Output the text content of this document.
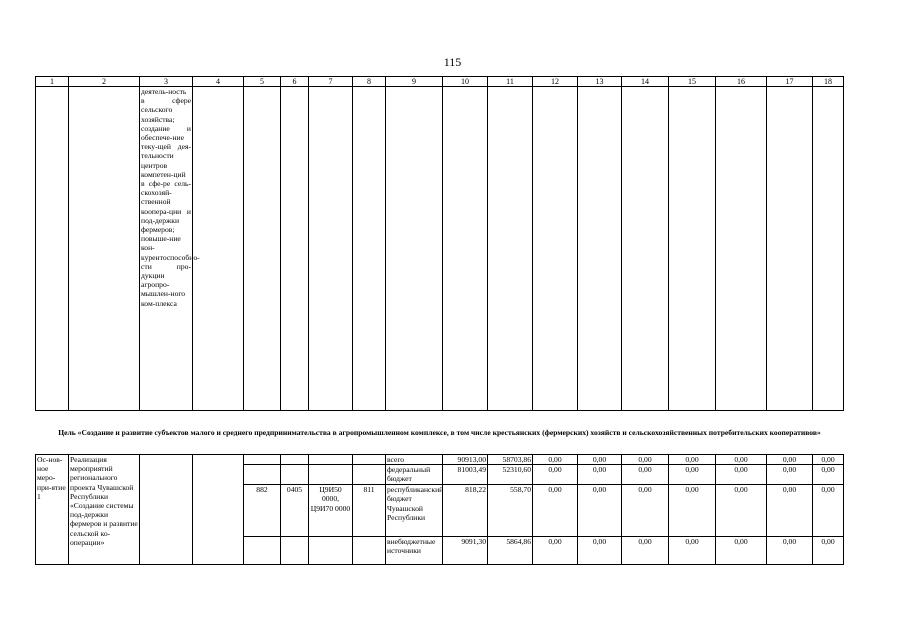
115
1	2	3	4	5	6	7	8	9	10	11	12	13	14	15	16	17	18
		деятель-ность в сфере сельского хозяйства; создание и обеспече-ние теку-щей дея-тельности центров компетен-ций в сфе-ре сель-скохозяй-ственной коопера-ции и под-держки фермеров; повыше-ние кон-курентоспособно-сти про-дукции агропро-мышлен-ного ком-плекса															
Цель «Создание и развитие субъектов малого и среднего предпринимательства в агропромышленном комплексе, в том числе крестьянских (фермерских) хозяйств и сельскохозяйственных потребительских кооперативов»																	
Ос-нов-ное меро-при-ятие 1	Реализация мероприятий регионального проекта Чувашской Республики «Создание системы под-держки фермеров и развитие сельской ко-операции»							всего	90913,00	58703,86	0,00	0,00	0,00	0,00	0,00	0,00	0,00
								федеральный бюджет	81003,49	52310,60	0,00	0,00	0,00	0,00	0,00	0,00	0,00
				882	0405	Ц9И50 0000, Ц9И70 0000	811	республиканский бюджет Чувашской Республики	818,22	558,70	0,00	0,00	0,00	0,00	0,00	0,00	0,00
								внебюджетные источники	9091,30	5864,86	0,00	0,00	0,00	0,00	0,00	0,00	0,00
